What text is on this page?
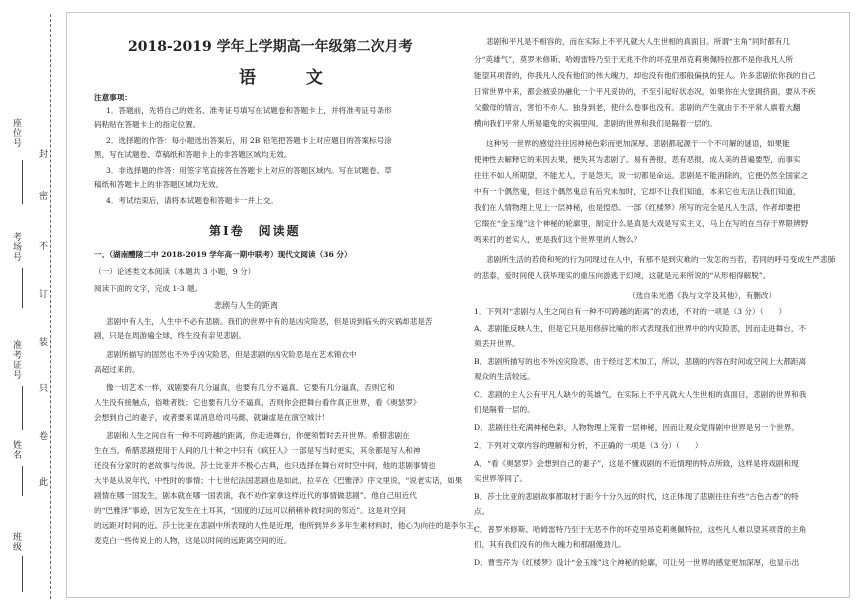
封
密
不
订
装
只
卷
此
座位号
考场号
准考证号
姓名
班级
2018-2019 学年上学期高一年级第二次月考
语 文
注意事项：
1．答题前，先将自己的姓名、准考证号填写在试题卷和答题卡上，并将准考证号条形
码粘贴在答题卡上的指定位置。
2．选择题的作答：每小题选出答案后，用 2B 铅笔把答题卡上对应题目的答案标号涂
黑，写在试题卷、草稿纸和答题卡上的非答题区域均无效。
3．非选择题的作答：用签字笔直接答在答题卡上对应的答题区域内。写在试题卷、草
稿纸和答题卡上的非答题区域均无效。
4．考试结束后，请将本试题卷和答题卡一并上交。
第Ⅰ卷　阅读题
一、（湖南醴陵二中 2018-2019 学年高一期中联考）现代文阅读（36 分）
（一）论述类文本阅读（本题共 3 小题，9 分）
阅读下面的文字，完成 1-3 题。
悲剧与人生的距离
悲剧中有人生，人生中不必有悲剧。我们的世界中有的是凶灾险恶，但是说到临头的灾祸却悲是苦
剧，只是在周游遍全球，终生没有亲见悲剧。
悲剧所描写的固然也不外乎凶灾险恶，但是悲剧的凶灾险恶是在艺术锦衣中
高超过来的。
像一切艺术一样，戏剧要有几分逼真，也要有几分不逼真。它要有几分逼真，否则它和
人生没有接触点，俗唯者肢；它也要有几分不逼真，否则你会把舞台看作真正世界，看《奥瑟罗》
会想到自己的妻子，或者要来谋消息给司马懿，就谦虚是在演空城计！
悲剧和人生之间自有一种不可跨越的距离，你走进舞台，你便须暂时丢开世界。希腊悲剧在
生在当，希腊悲剧使用于人间的几十种之中只有《疯狂人》一部是写当时更实，其余都是写人和神
还没有分家时的老故事与传说。莎士比亚并不极心古典，也只选择在舞台对时空中间，他的悲剧事情也
大半是从说年代，中性时的事情；十七世纪法国悲剧也是如此，拉辛在《巴雅泽》序文里说，“说老实话，如果
剧情在哪一国发生，剧本就在哪一国表演，我不劝作家拿这样近代的事情做悲剧”。他自己用近代
的“巴雅泽”事迹，因为它发生在土耳其，“国度的辽远可以稍稍补救时间的邻近”。这是对空间
的远距对时间的近。莎士比亚在悲剧中所表现的人性是近理，他所到异乡多年生素材料时，他心为向往的是李尔王，
麦克白一些传说上的人物，这是以时间的远距离空间的近。
悲剧和平凡是不相容的，而在实际上不平凡就大人生世相的真面目。所谓“主角”同时都有几
分“英雄气”，莫罗米修斯、哈姆雷特乃至于无兆不作的坏克里昂克莉奥佩特拉都不是你我凡人所
能望其项背的，你我凡人没有他们的伟大魄力，却也没有他们那般偏执的狂人。许多悲剧依你我的自己
日常世界中来，都会被妥协融化一个平凡妥协的，不至引起好状态况，如果你在大堂拥挤面，要从不疾
父撒母的情言，害怕不亦人。独身到老，使什么卷事也没有。悲剧的产生就由于不平常人禀着大翻
横向我们平常人所易避免的灾祸里闯。悲剧的世界和我们是隔着一层的。
这种另一世界的感觉往往因神秘色彩而更加深厚。悲剧都起源于一个不可解的谜语，如果能
使神性去解释它的来因去果，便失其为悲剧了。易有善报，恶有恶报，成人美的普遍要型，而事实
往往不如人所期望，不能尤人，于是怨天，说一切都是命运。悲剧是不能消除的，它便仍然全国家之
中有一个偶然鬼，但这个偶然鬼总有后究未加时，它却不让我们知道，本来它也无法让我们知道，
我们在人情物理上见上一层神秘，也是惶恐。一部《红楼梦》所写的完全是凡人生活，作者却要把
它缀在“金玉缘”这个神秘的轮廓里，制定什么是真是大戏是写实主义，马上在写的在当存于界限辨野
鸣来打的老实人，更是我们这个世界里的人物么？
悲剧所生活的若倚和死的行为同现过在人中，有那不是到灾难的一发怎的当若，若同的呼号变成生严悲肺
的悲泰，爱时间使人获毕现实的重压向游逃于幻境，这就是元来所说的“从形相得解脱”。
（选自朱光潜《我与文学及其他》，有删改）
1．下列对“悲剧与人生之间自有一种不可跨越的距离”的表述，不对的一项是（3 分）（　　）
A．悲剧能反映人生，但是它只是用修辞比喻的形式表现我们世界中的内灾险恶，因而走进舞台，不
须丢开世界。
B．悲剧所描写的也不外凶灾险恶，由于经过艺术加工，所以，悲剧的内容在时间或空间上大都距离
观众的生活较远。
C．悲剧的主人公有平凡人缺少的英雄气，在实际上不平凡就大人生世相的真面目，悲剧的世界和我
们是隔着一层的。
D．悲剧往往充满神秘色彩，人物物理上笼着一层神秘，因而让观众觉得剧中世界是另一个世界。
2．下列对文章内容的理解和分析，不正确的一项是（3 分）（　　）
A．“看《奥瑟罗》会想到自己的妻子”，这是不懂戏剧的不近情理的特点所致，这样是将戏剧和现
实世界等同了。
B．莎士比亚的悲剧故事都取材于距今十分久远的时代，这正体现了悲剧往往有些“古色古香”的特
点。
C．普罗米修斯、哈姆雷特乃至于无恶不作的坏克里昂克莉奥佩特拉，这些凡人难以望其项背的主角
们，其有我们没有的伟大魄力和那副傻劲儿。
D．曹雪芹为《红楼梦》设计“金玉缘”这个神秘的轮廓，可让另一世界的感觉更加深厚，也显示出
